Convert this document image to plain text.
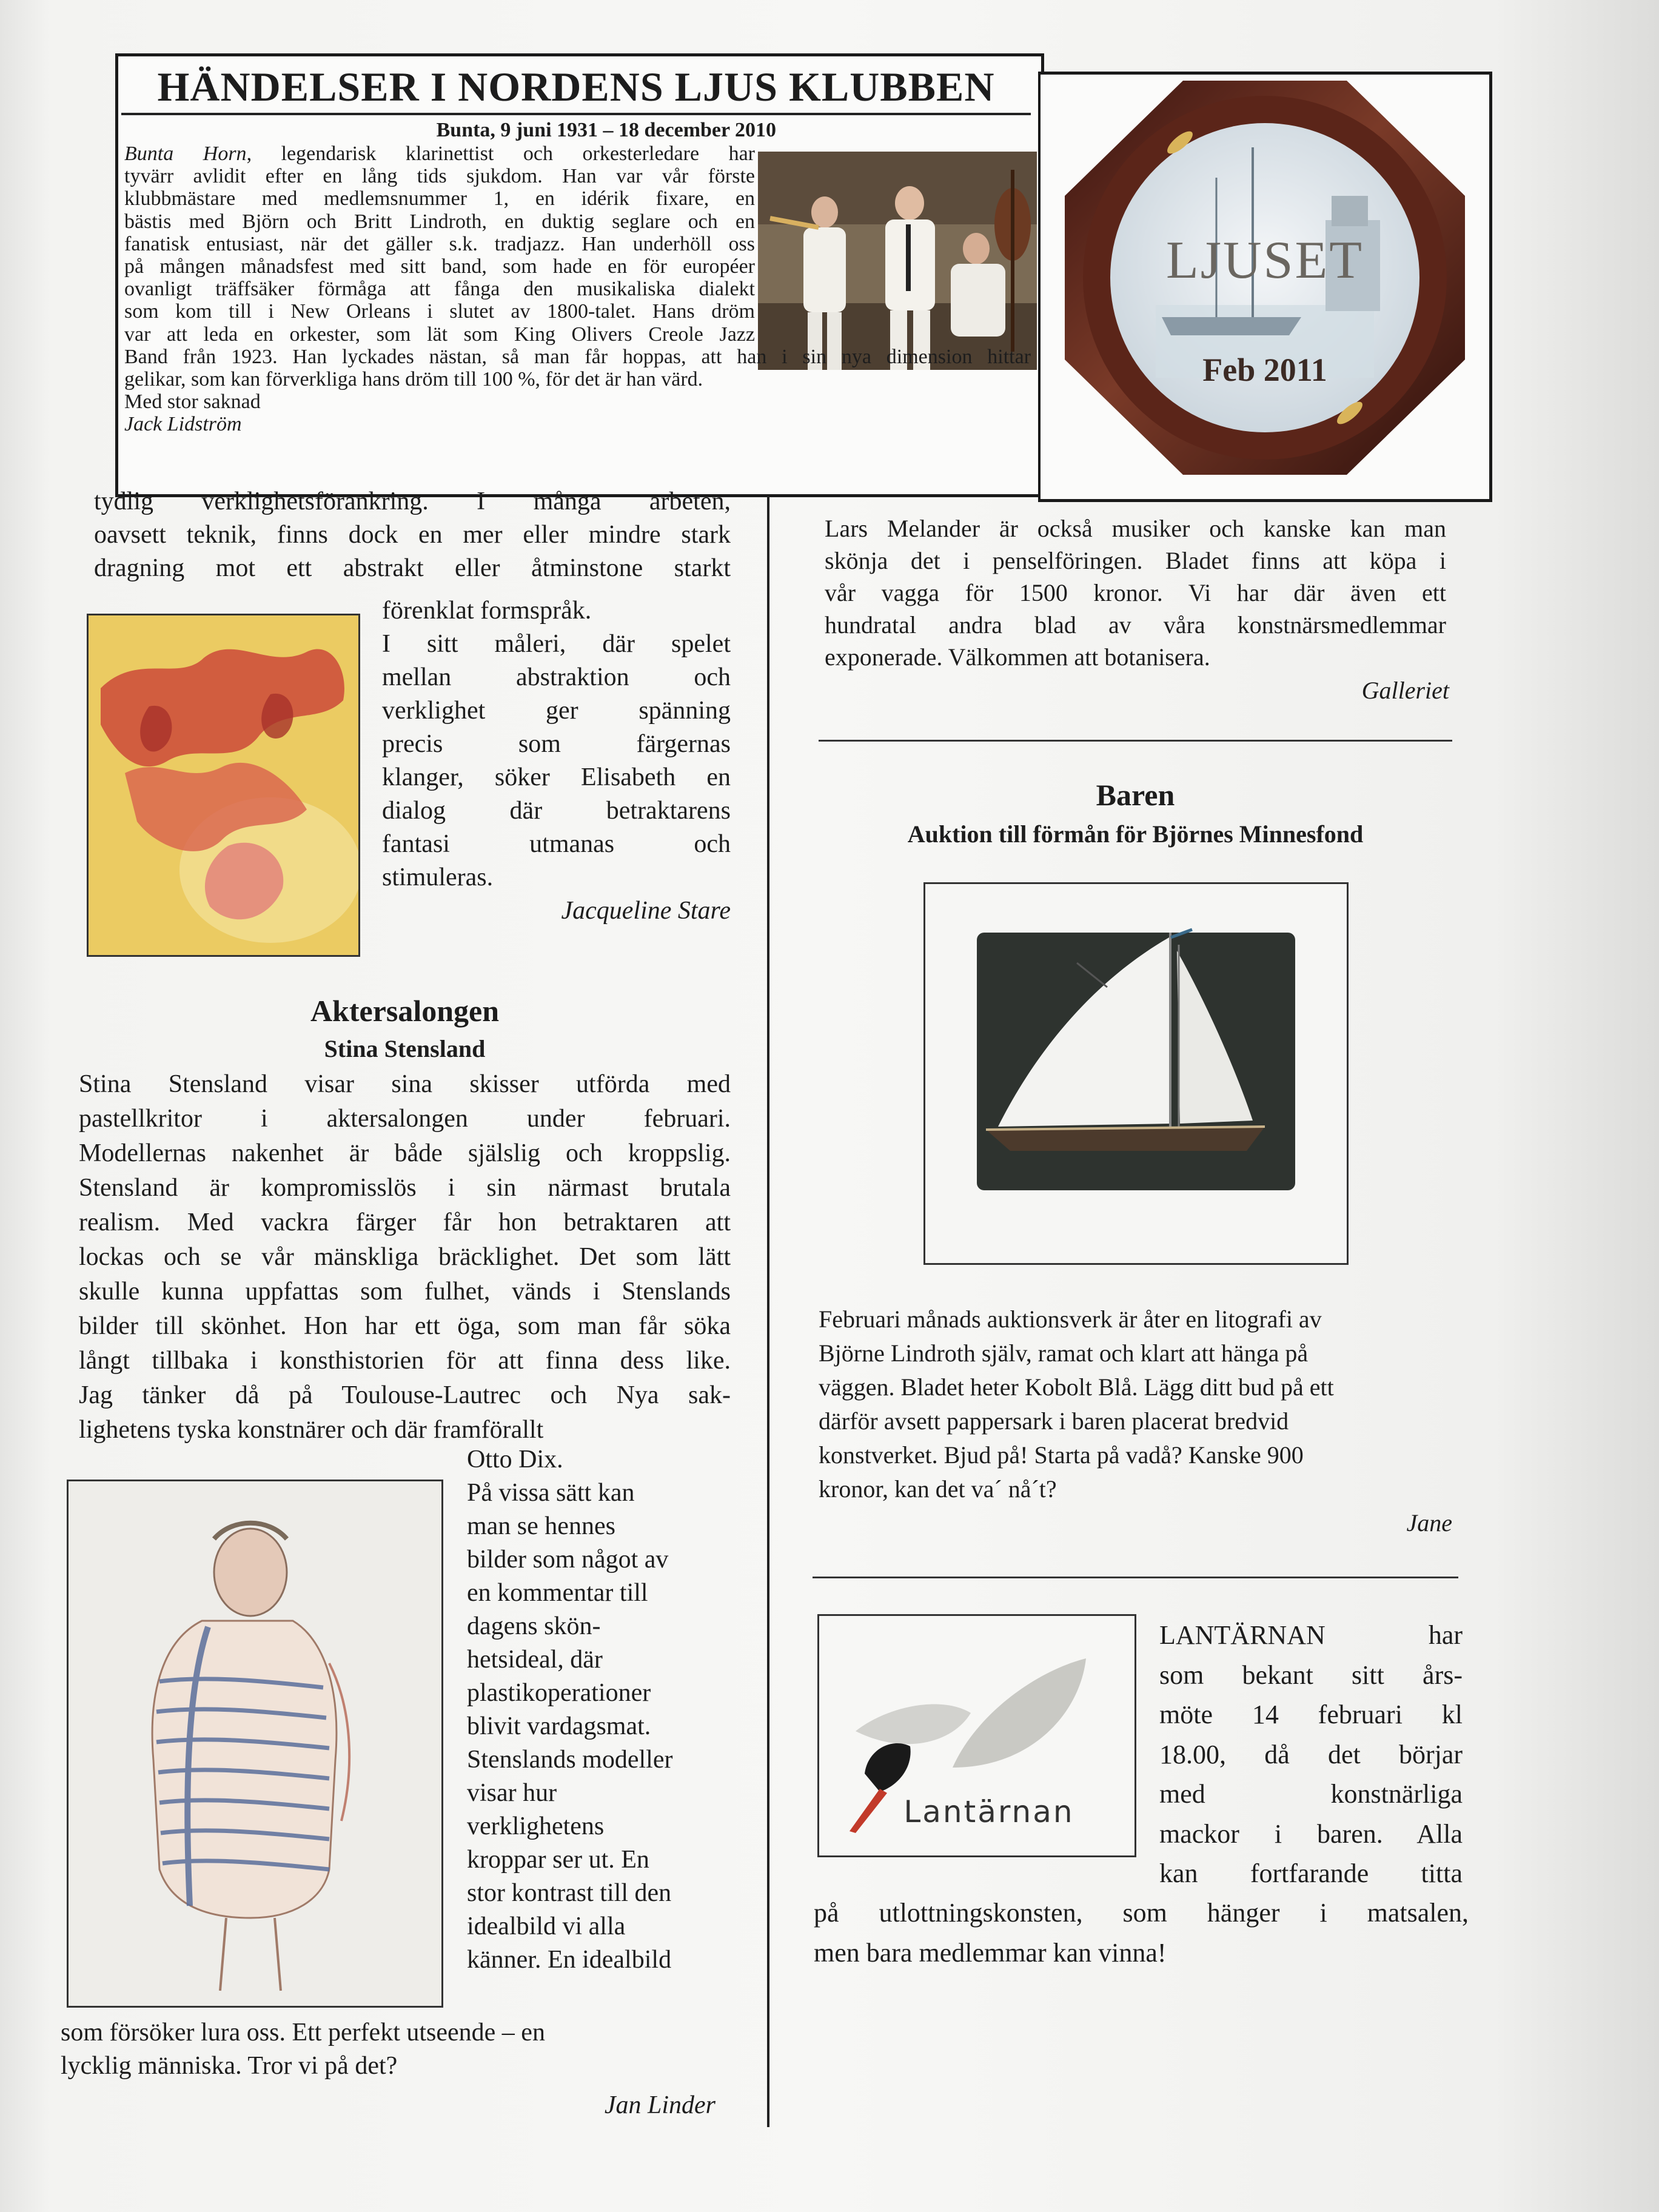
HÄNDELSER I NORDENS LJUS KLUBBEN
Bunta, 9 juni 1931 – 18 december 2010
Bunta Horn, legendarisk klarinettist och orkesterledare har
tyvärr avlidit efter en lång tids sjukdom. Han var vår förste
klubbmästare med medlemsnummer 1, en idérik fixare, en
bästis med Björn och Britt Lindroth, en duktig seglare och en
fanatisk entusiast, när det gäller s.k. tradjazz. Han underhöll oss
på mången månadsfest med sitt band, som hade en för européer
ovanligt träffsäker förmåga att fånga den musikaliska dialekt
som kom till i New Orleans i slutet av 1800-talet. Hans dröm
var att leda en orkester, som lät som King Olivers Creole Jazz
Band från 1923. Han lyckades nästan, så man får hoppas, att han i sin nya dimension hittar
gelikar, som kan förverkliga hans dröm till 100 %, för det är han värd.
Med stor saknad
Jack Lidström
LJUSET
Feb 2011
tydlig verklighetsförankring. I många arbeten,
oavsett teknik, finns dock en mer eller mindre stark
dragning mot ett abstrakt eller åtminstone starkt
förenklat formspråk.
I sitt måleri, där spelet
mellan abstraktion och
verklighet ger spänning
precis som färgernas
klanger, söker Elisabeth en
dialog där betraktarens
fantasi utmanas och
stimuleras.
Jacqueline Stare
Aktersalongen
Stina Stensland
Stina Stensland visar sina skisser utförda med
pastellkritor i aktersalongen under februari.
Modellernas nakenhet är både själslig och kroppslig.
Stensland är kompromisslös i sin närmast brutala
realism. Med vackra färger får hon betraktaren att
lockas och se vår mänskliga bräcklighet. Det som lätt
skulle kunna uppfattas som fulhet, vänds i Stenslands
bilder till skönhet. Hon har ett öga, som man får söka
långt tillbaka i konsthistorien för att finna dess like.
Jag tänker då på Toulouse-Lautrec och Nya sak-
lighetens tyska konstnärer och där framförallt
Otto Dix.
På vissa sätt kan
man se hennes
bilder som något av
en kommentar till
dagens skön-
hetsideal, där
plastikoperationer
blivit vardagsmat.
Stenslands modeller
visar hur
verklighetens
kroppar ser ut. En
stor kontrast till den
idealbild vi alla
känner. En idealbild
som försöker lura oss. Ett perfekt utseende – en
lycklig människa. Tror vi på det?
Jan Linder
Lars Melander är också musiker och kanske kan man
skönja det i penselföringen. Bladet finns att köpa i
vår vagga för 1500 kronor. Vi har där även ett
hundratal andra blad av våra konstnärsmedlemmar
exponerade. Välkommen att botanisera.
Galleriet
Baren
Auktion till förmån för Björnes Minnesfond
Februari månads auktionsverk är åter en litografi av
Björne Lindroth själv, ramat och klart att hänga på
väggen. Bladet heter Kobolt Blå. Lägg ditt bud på ett
därför avsett pappersark i baren placerat bredvid
konstverket. Bjud på! Starta på vadå? Kanske 900
kronor, kan det va´ nå´t?
Jane
Lantärnan
LANTÄRNAN har
som bekant sitt års-
möte 14 februari kl
18.00, då det börjar
med konstnärliga
mackor i baren. Alla
kan fortfarande titta
på utlottningskonsten, som hänger i matsalen,
men bara medlemmar kan vinna!
